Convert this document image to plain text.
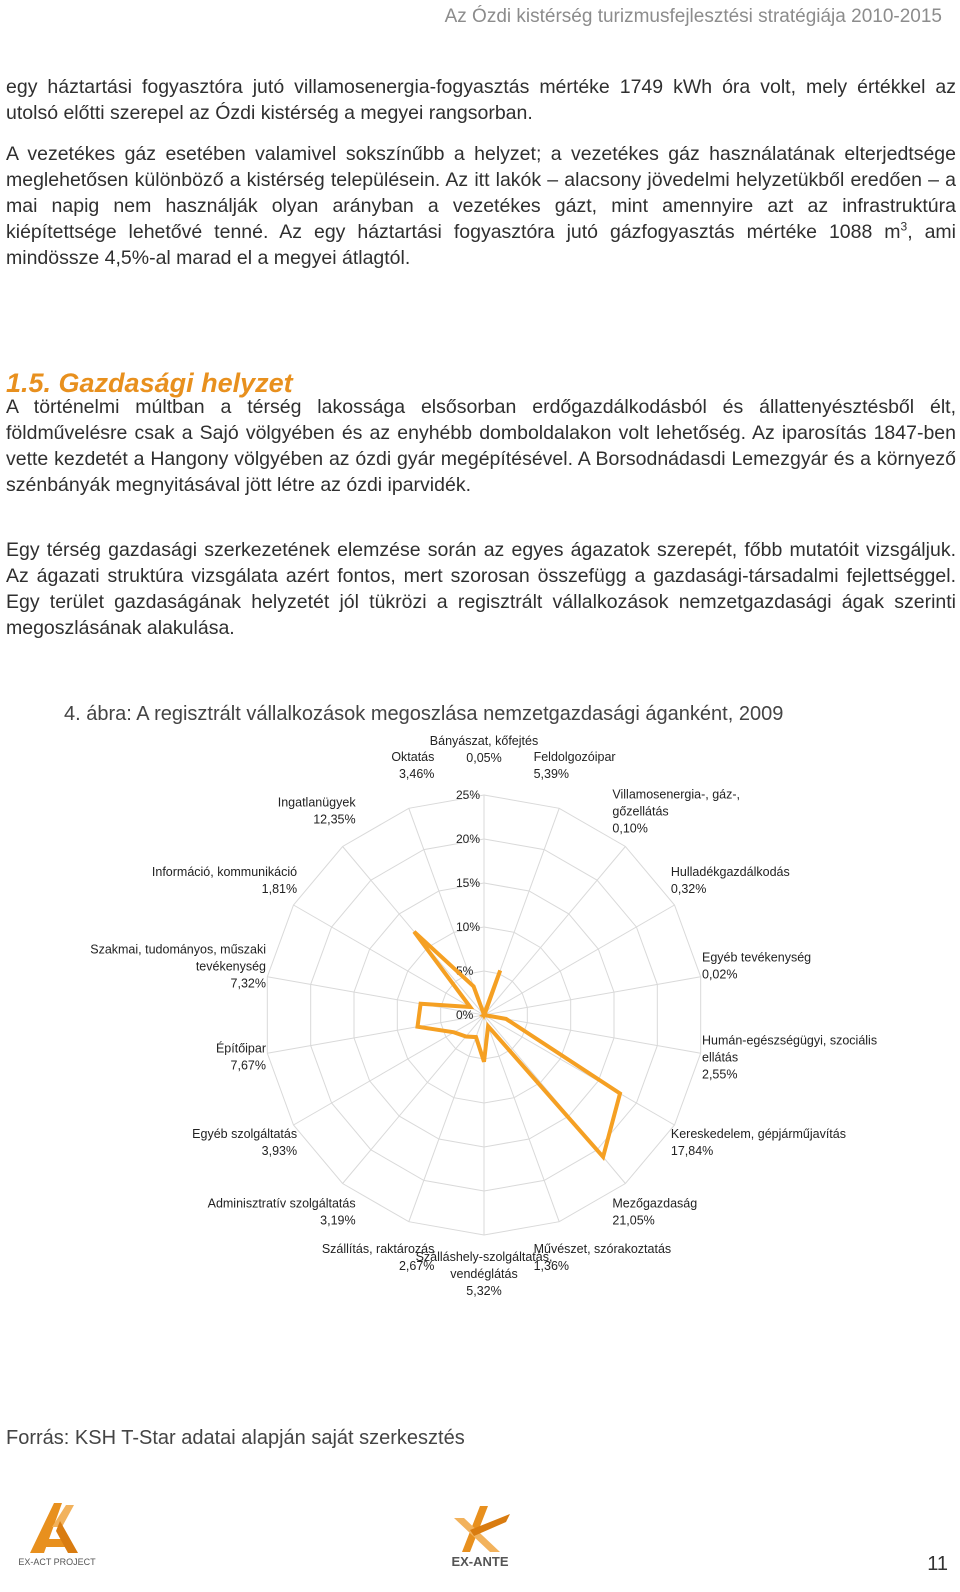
Az Ózdi kistérség turizmusfejlesztési stratégiája 2010-2015
egy háztartási fogyasztóra jutó villamosenergia-fogyasztás mértéke 1749 kWh óra volt, mely értékkel az utolsó előtti szerepel az Ózdi kistérség a megyei rangsorban.
A vezetékes gáz esetében valamivel sokszínűbb a helyzet; a vezetékes gáz használatának elterjedtsége meglehetősen különböző a kistérség településein. Az itt lakók – alacsony jövedelmi helyzetükből eredően – a mai napig nem használják olyan arányban a vezetékes gázt, mint amennyire azt az infrastruktúra kiépítettsége lehetővé tenné. Az egy háztartási fogyasztóra jutó gázfogyasztás mértéke 1088 $m^3$, ami mindössze 4,5%-al marad el a megyei átlagtól.
1.5. Gazdasági helyzet
A történelmi múltban a térség lakossága elsősorban erdőgazdálkodásból és állattenyésztésből élt, földművelésre csak a Sajó völgyében és az enyhébb domboldalakon volt lehetőség. Az iparosítás 1847-ben vette kezdetét a Hangony völgyében az ózdi gyár megépítésével. A Borsodnádasdi Lemezgyár és a környező szénbányák megnyitásával jött létre az ózdi iparvidék.
Egy térség gazdasági szerkezetének elemzése során az egyes ágazatok szerepét, főbb mutatóit vizsgáljuk. Az ágazati struktúra vizsgálata azért fontos, mert szorosan összefügg a gazdasági-társadalmi fejlettséggel. Egy terület gazdaságának helyzetét jól tükrözi a regisztrált vállalkozások nemzetgazdasági ágak szerinti megoszlásának alakulása.
4. ábra: A regisztrált vállalkozások megoszlása nemzetgazdasági áganként, 2009
0%
5%
10%
15%
20%
25%
Bányászat, kőfejtés 0,05%	Feldolgozóipar 5,39%
Villamosenergia-, gáz-, gőzellátás 0,10%
Hulladékgazdálkodás 0,32%
Egyéb tevékenység 0,02%
Humán-egészségügyi, szociális ellátás 2,55%
Kereskedelem, gépjárműjavítás 17,84%
Mezőgazdaság 21,05%
Művészet, szórakoztatás 1,36%
Szálláshely-szolgáltatás, vendéglátás 5,32%
Szállítás, raktározás 2,67%
Adminisztratív szolgáltatás 3,19%
Egyéb szolgáltatás 3,93%
Építőipar 7,67%
Szakmai, tudományos, műszaki tevékenység 7,32%
Információ, kommunikáció 1,81%
Ingatlanügyek 12,35%
Oktatás 3,46%
Forrás: KSH T-Star adatai alapján saját szerkesztés
EX-ACT PROJECT	EX-ANTE	11
